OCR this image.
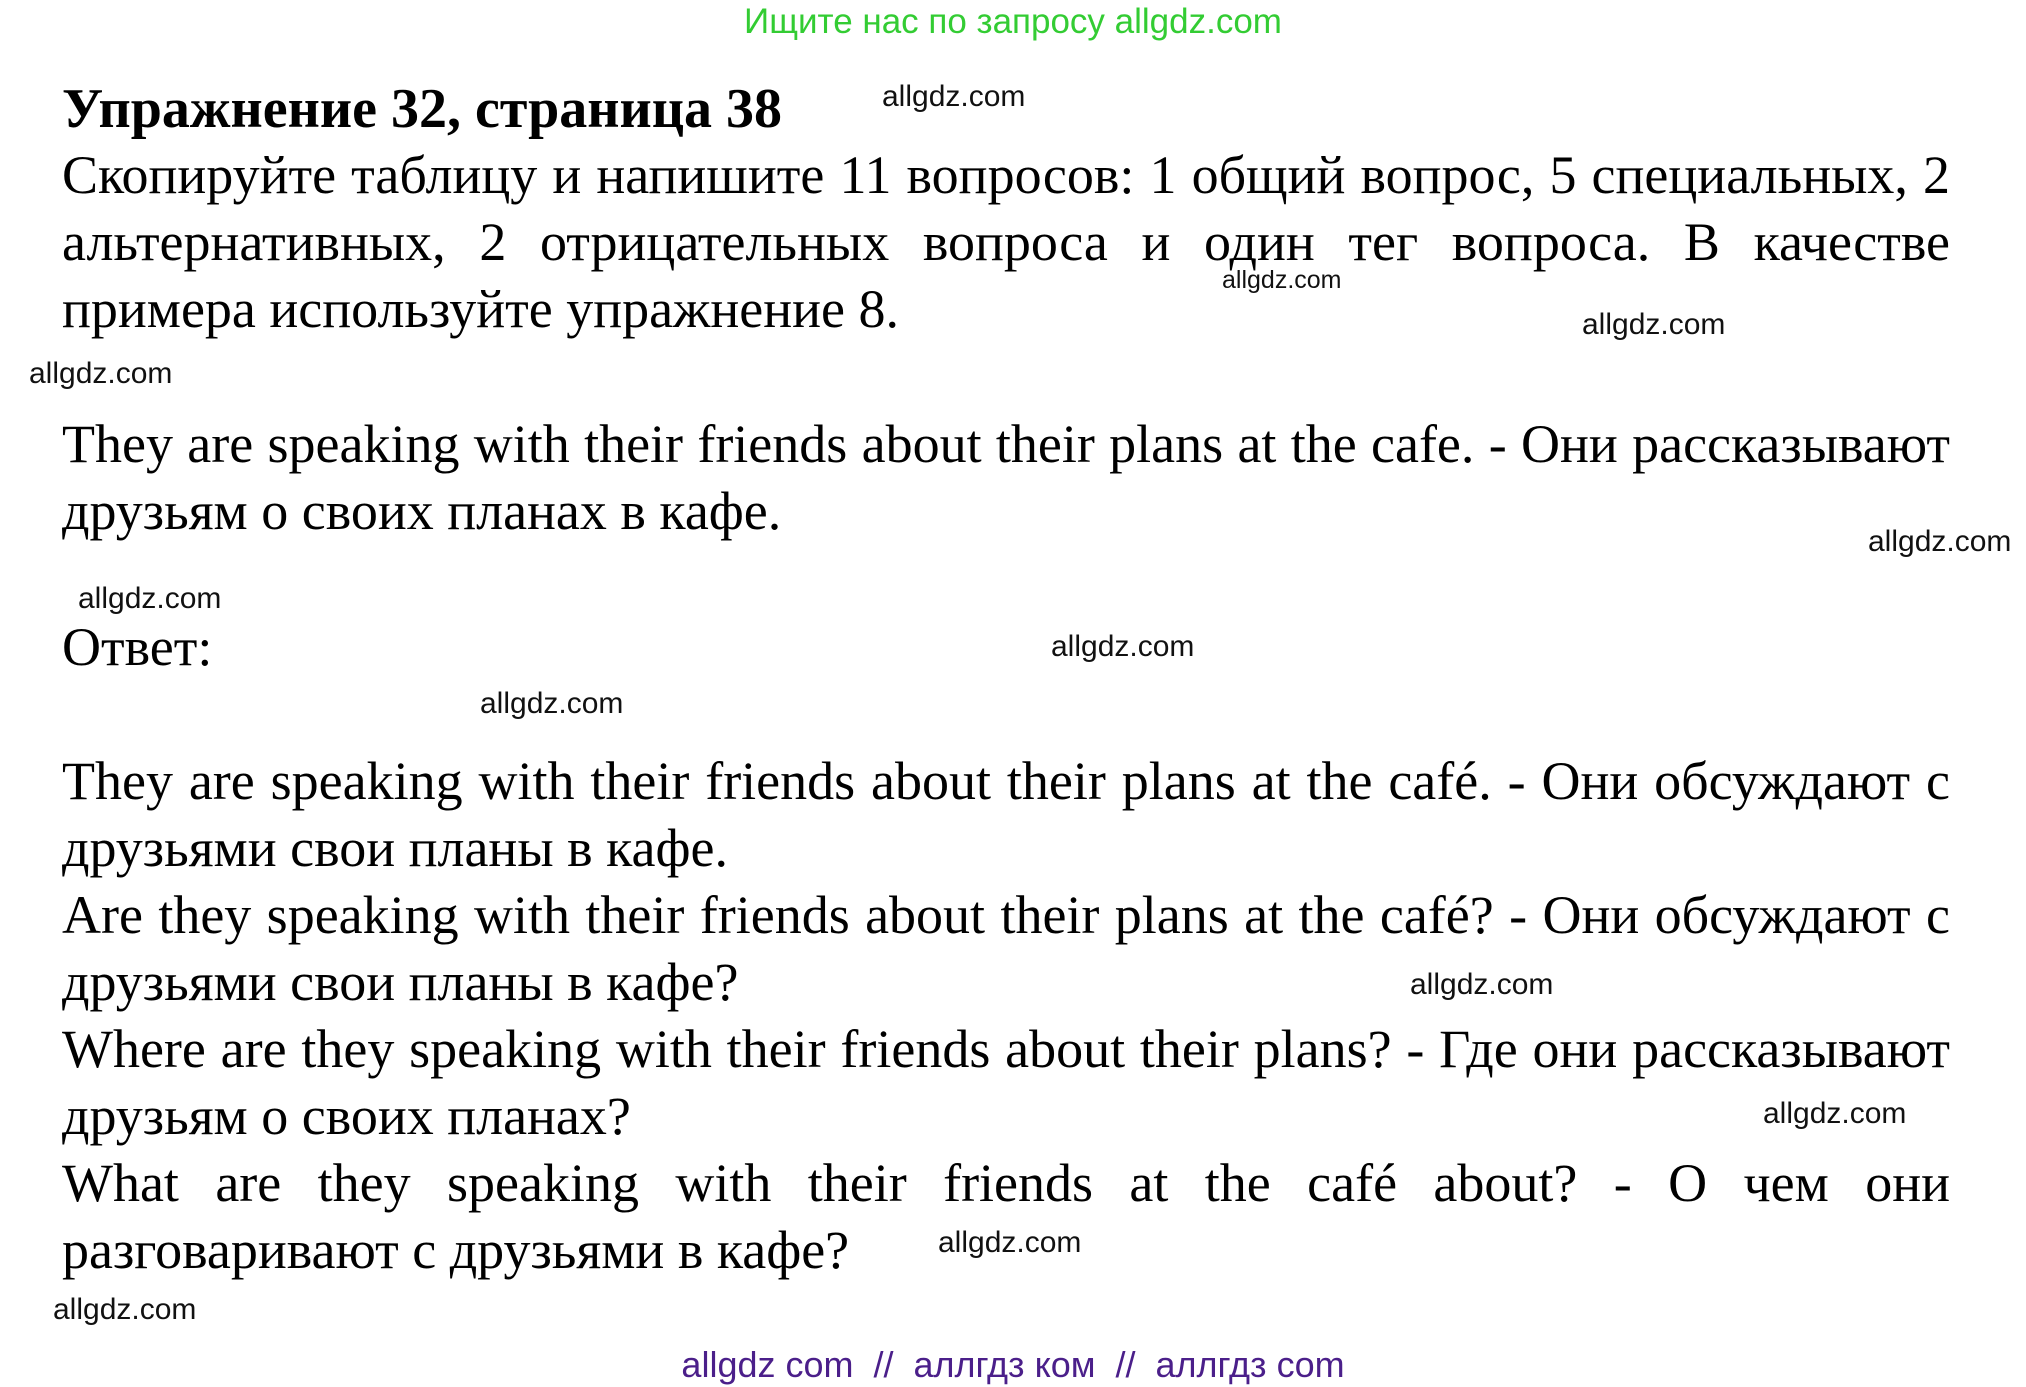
Ищите нас по запросу allgdz.com
Упражнение 32, страница 38

Скопируйте таблицу и напишите 11 вопросов: 1 общий вопрос, 5 специальных, 2 альтернативных, 2 отрицательных вопроса и один тег вопроса. В качестве примера используйте упражнение 8.

They are speaking with their friends about their plans at the cafe. - Они рассказывают друзьям о своих планах в кафе.

Ответ:

They are speaking with their friends about their plans at the café. - Они обсуждают с друзьями свои планы в кафе.
Are they speaking with their friends about their plans at the café? - Они обсуждают с друзьями свои планы в кафе?
Where are they speaking with their friends about their plans? - Где они рассказывают друзьям о своих планах?
What are they speaking with their friends at the café about? - О чем они разговаривают с друзьями в кафе?
allgdz.com
allgdz.com
allgdz.com
allgdz.com
allgdz.com
allgdz.com
allgdz.com
allgdz.com
allgdz.com
allgdz.com
allgdz.com
allgdz.com
allgdz com  //  аллгдз ком  //  аллгдз com
